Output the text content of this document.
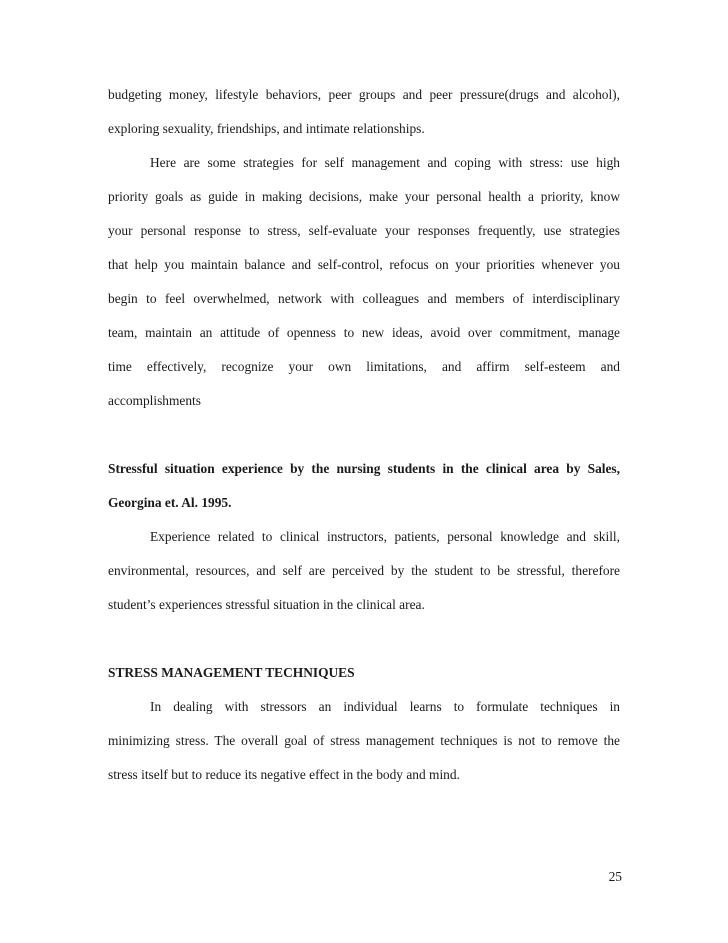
budgeting money, lifestyle behaviors, peer groups and peer pressure(drugs and alcohol),
exploring sexuality, friendships, and intimate relationships.
Here are some strategies for self management and coping with stress: use high
priority goals as guide in making decisions, make your personal health a priority, know
your personal response to stress, self-evaluate your responses frequently, use strategies
that help you maintain balance and self-control, refocus on your priorities whenever you
begin to feel overwhelmed, network with colleagues and members of interdisciplinary
team, maintain an attitude of openness to new ideas, avoid over commitment, manage
time effectively, recognize your own limitations, and affirm self-esteem and
accomplishments
Stressful situation experience by the nursing students in the clinical area by Sales,
Georgina et. Al. 1995.
Experience related to clinical instructors, patients, personal knowledge and skill,
environmental, resources, and self are perceived by the student to be stressful, therefore
student’s experiences stressful situation in the clinical area.
STRESS MANAGEMENT TECHNIQUES
In dealing with stressors an individual learns to formulate techniques in
minimizing stress. The overall goal of stress management techniques is not to remove the
stress itself but to reduce its negative effect in the body and mind.
25
